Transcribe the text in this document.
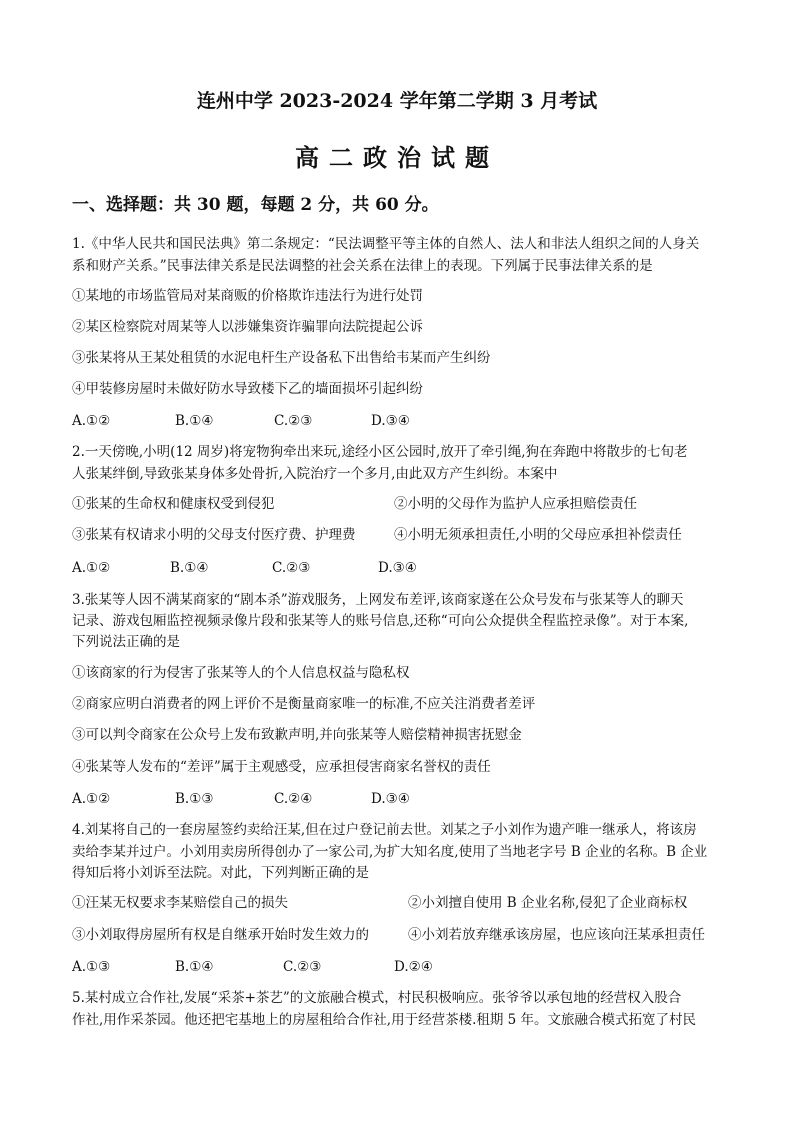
连州中学 2023-2024 学年第二学期 3 月考试
高二政治试题
一、选择题：共 30 题，每题 2 分，共 60 分。
1.《中华人民共和国民法典》第二条规定：“民法调整平等主体的自然人、法人和非法人组织之间的人身关
系和财产关系。”民事法律关系是民法调整的社会关系在法律上的表现。下列属于民事法律关系的是
①某地的市场监管局对某商贩的价格欺诈违法行为进行处罚
②某区检察院对周某等人以涉嫌集资诈骗罪向法院提起公诉
③张某将从王某处租赁的水泥电杆生产设备私下出售给韦某而产生纠纷
④甲装修房屋时未做好防水导致楼下乙的墙面损坏引起纠纷
A.①②	B.①④	C.②③	D.③④
2.一天傍晚,小明(12 周岁)将宠物狗牵出来玩,途经小区公园时,放开了牵引绳,狗在奔跑中将散步的七旬老
人张某绊倒,导致张某身体多处骨折,入院治疗一个多月,由此双方产生纠纷。本案中
①张某的生命权和健康权受到侵犯	②小明的父母作为监护人应承担赔偿责任
③张某有权请求小明的父母支付医疗费、护理费	④小明无须承担责任,小明的父母应承担补偿责任
A.①②	B.①④	C.②③	D.③④
3.张某等人因不满某商家的“剧本杀”游戏服务，上网发布差评,该商家遂在公众号发布与张某等人的聊天
记录、游戏包厢监控视频录像片段和张某等人的账号信息,还称“可向公众提供全程监控录像”。对于本案,
下列说法正确的是
①该商家的行为侵害了张某等人的个人信息权益与隐私权
②商家应明白消费者的网上评价不是衡量商家唯一的标准,不应关注消费者差评
③可以判令商家在公众号上发布致歉声明,并向张某等人赔偿精神损害抚慰金
④张某等人发布的“差评”属于主观感受，应承担侵害商家名誉权的责任
A.①②	B.①③	C.②④	D.③④
4.刘某将自己的一套房屋签约卖给汪某,但在过户登记前去世。刘某之子小刘作为遗产唯一继承人，将该房
卖给李某并过户。小刘用卖房所得创办了一家公司,为扩大知名度,使用了当地老字号 B 企业的名称。B 企业
得知后将小刘诉至法院。对此，下列判断正确的是
①汪某无权要求李某赔偿自己的损失	②小刘擅自使用 B 企业名称,侵犯了企业商标权
③小刘取得房屋所有权是自继承开始时发生效力的	④小刘若放弃继承该房屋，也应该向汪某承担责任
A.①③	B.①④	C.②③	D.②④
5.某村成立合作社,发展“采茶+茶艺”的文旅融合模式，村民积极响应。张爷爷以承包地的经营权入股合
作社,用作采茶园。他还把宅基地上的房屋租给合作社,用于经营茶楼.租期 5 年。文旅融合模式拓宽了村民
